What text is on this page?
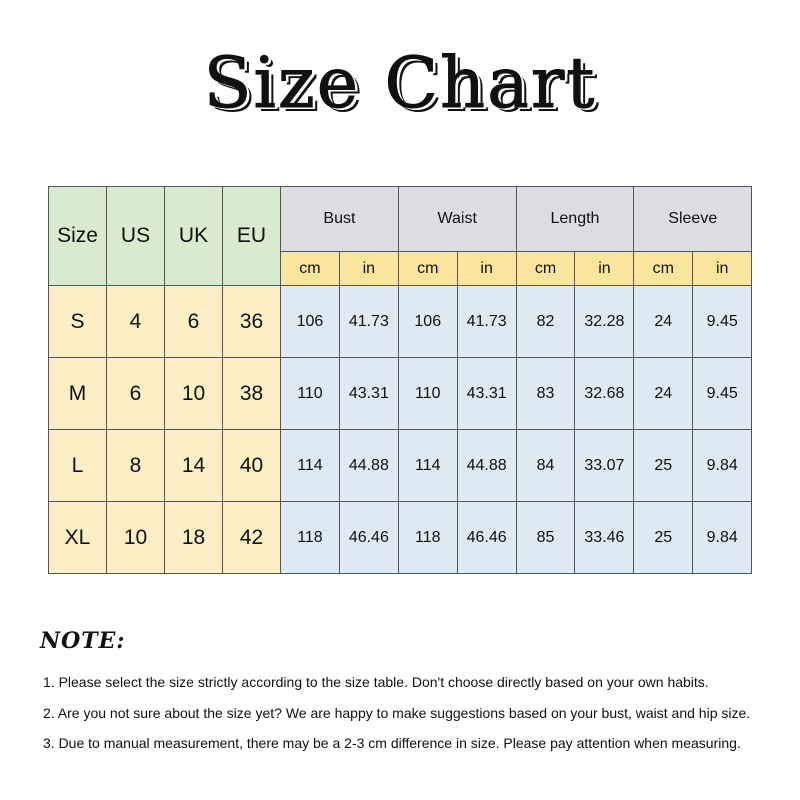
Size Chart
Size	US	UK	EU	Bust		Waist		Length		Sleeve	
				cm	in	cm	in	cm	in	cm	in
S	4	6	36	106	41.73	106	41.73	82	32.28	24	9.45
M	6	10	38	110	43.31	110	43.31	83	32.68	24	9.45
L	8	14	40	114	44.88	114	44.88	84	33.07	25	9.84
XL	10	18	42	118	46.46	118	46.46	85	33.46	25	9.84
NOTE:
1. Please select the size strictly according to the size table. Don't choose directly based on your own habits.
2. Are you not sure about the size yet? We are happy to make suggestions based on your bust, waist and hip size.
3. Due to manual measurement, there may be a 2-3 cm difference in size. Please pay attention when measuring.
